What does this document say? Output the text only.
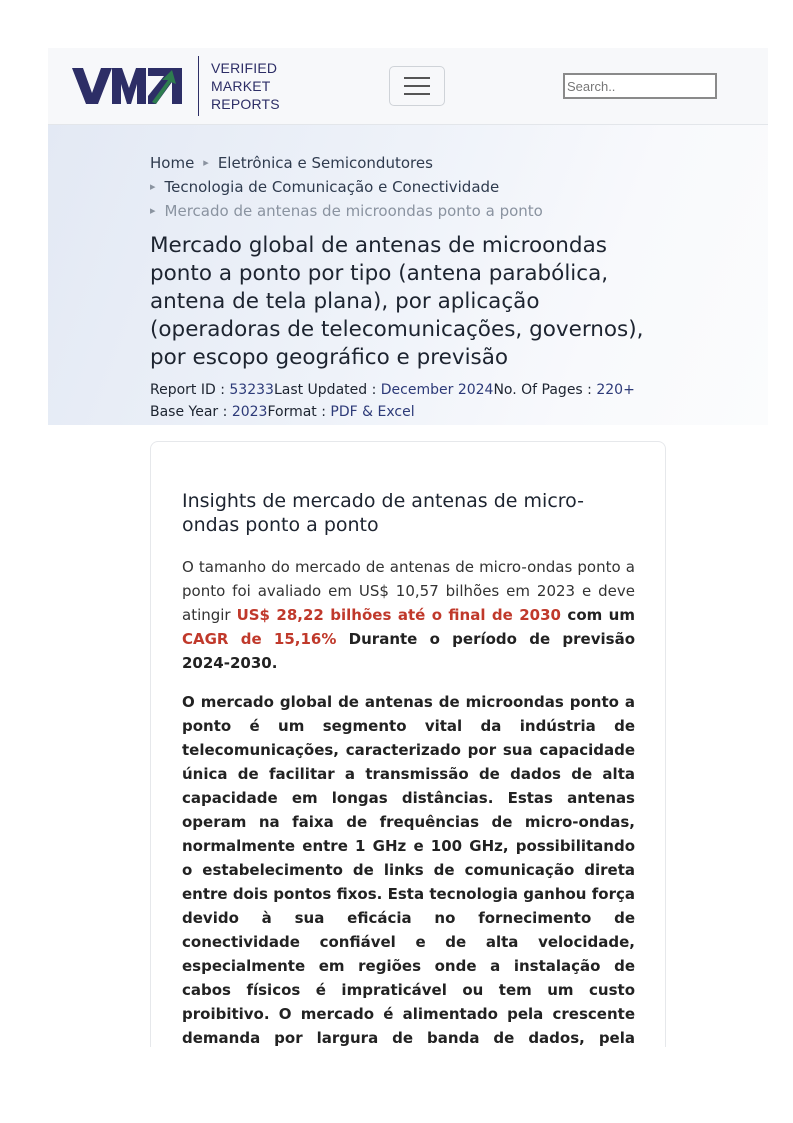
VERIFIED
MARKET
REPORTS
Search..
Home ▸ Eletrônica e Semicondutores
▸ Tecnologia de Comunicação e Conectividade
▸ Mercado de antenas de microondas ponto a ponto
Mercado global de antenas de microondas ponto a ponto por tipo (antena parabólica, antena de tela plana), por aplicação (operadoras de telecomunicações, governos), por escopo geográfico e previsão
Report ID : 53233Last Updated : December 2024No. Of Pages : 220+
Base Year : 2023Format : PDF & Excel
Insights de mercado de antenas de micro-ondas ponto a ponto

O tamanho do mercado de antenas de micro-ondas ponto a ponto foi avaliado em US$ 10,57 bilhões em 2023 e deve atingir US$ 28,22 bilhões até o final de 2030 com um CAGR de 15,16% Durante o período de previsão 2024-2030.

O mercado global de antenas de microondas ponto a ponto é um segmento vital da indústria de telecomunicações, caracterizado por sua capacidade única de facilitar a transmissão de dados de alta capacidade em longas distâncias. Estas antenas operam na faixa de frequências de micro-ondas, normalmente entre 1 GHz e 100 GHz, possibilitando o estabelecimento de links de comunicação direta entre dois pontos fixos. Esta tecnologia ganhou força devido à sua eficácia no fornecimento de conectividade confiável e de alta velocidade, especialmente em regiões onde a instalação de cabos físicos é impraticável ou tem um custo proibitivo. O mercado é alimentado pela crescente demanda por largura de banda de dados, pela
